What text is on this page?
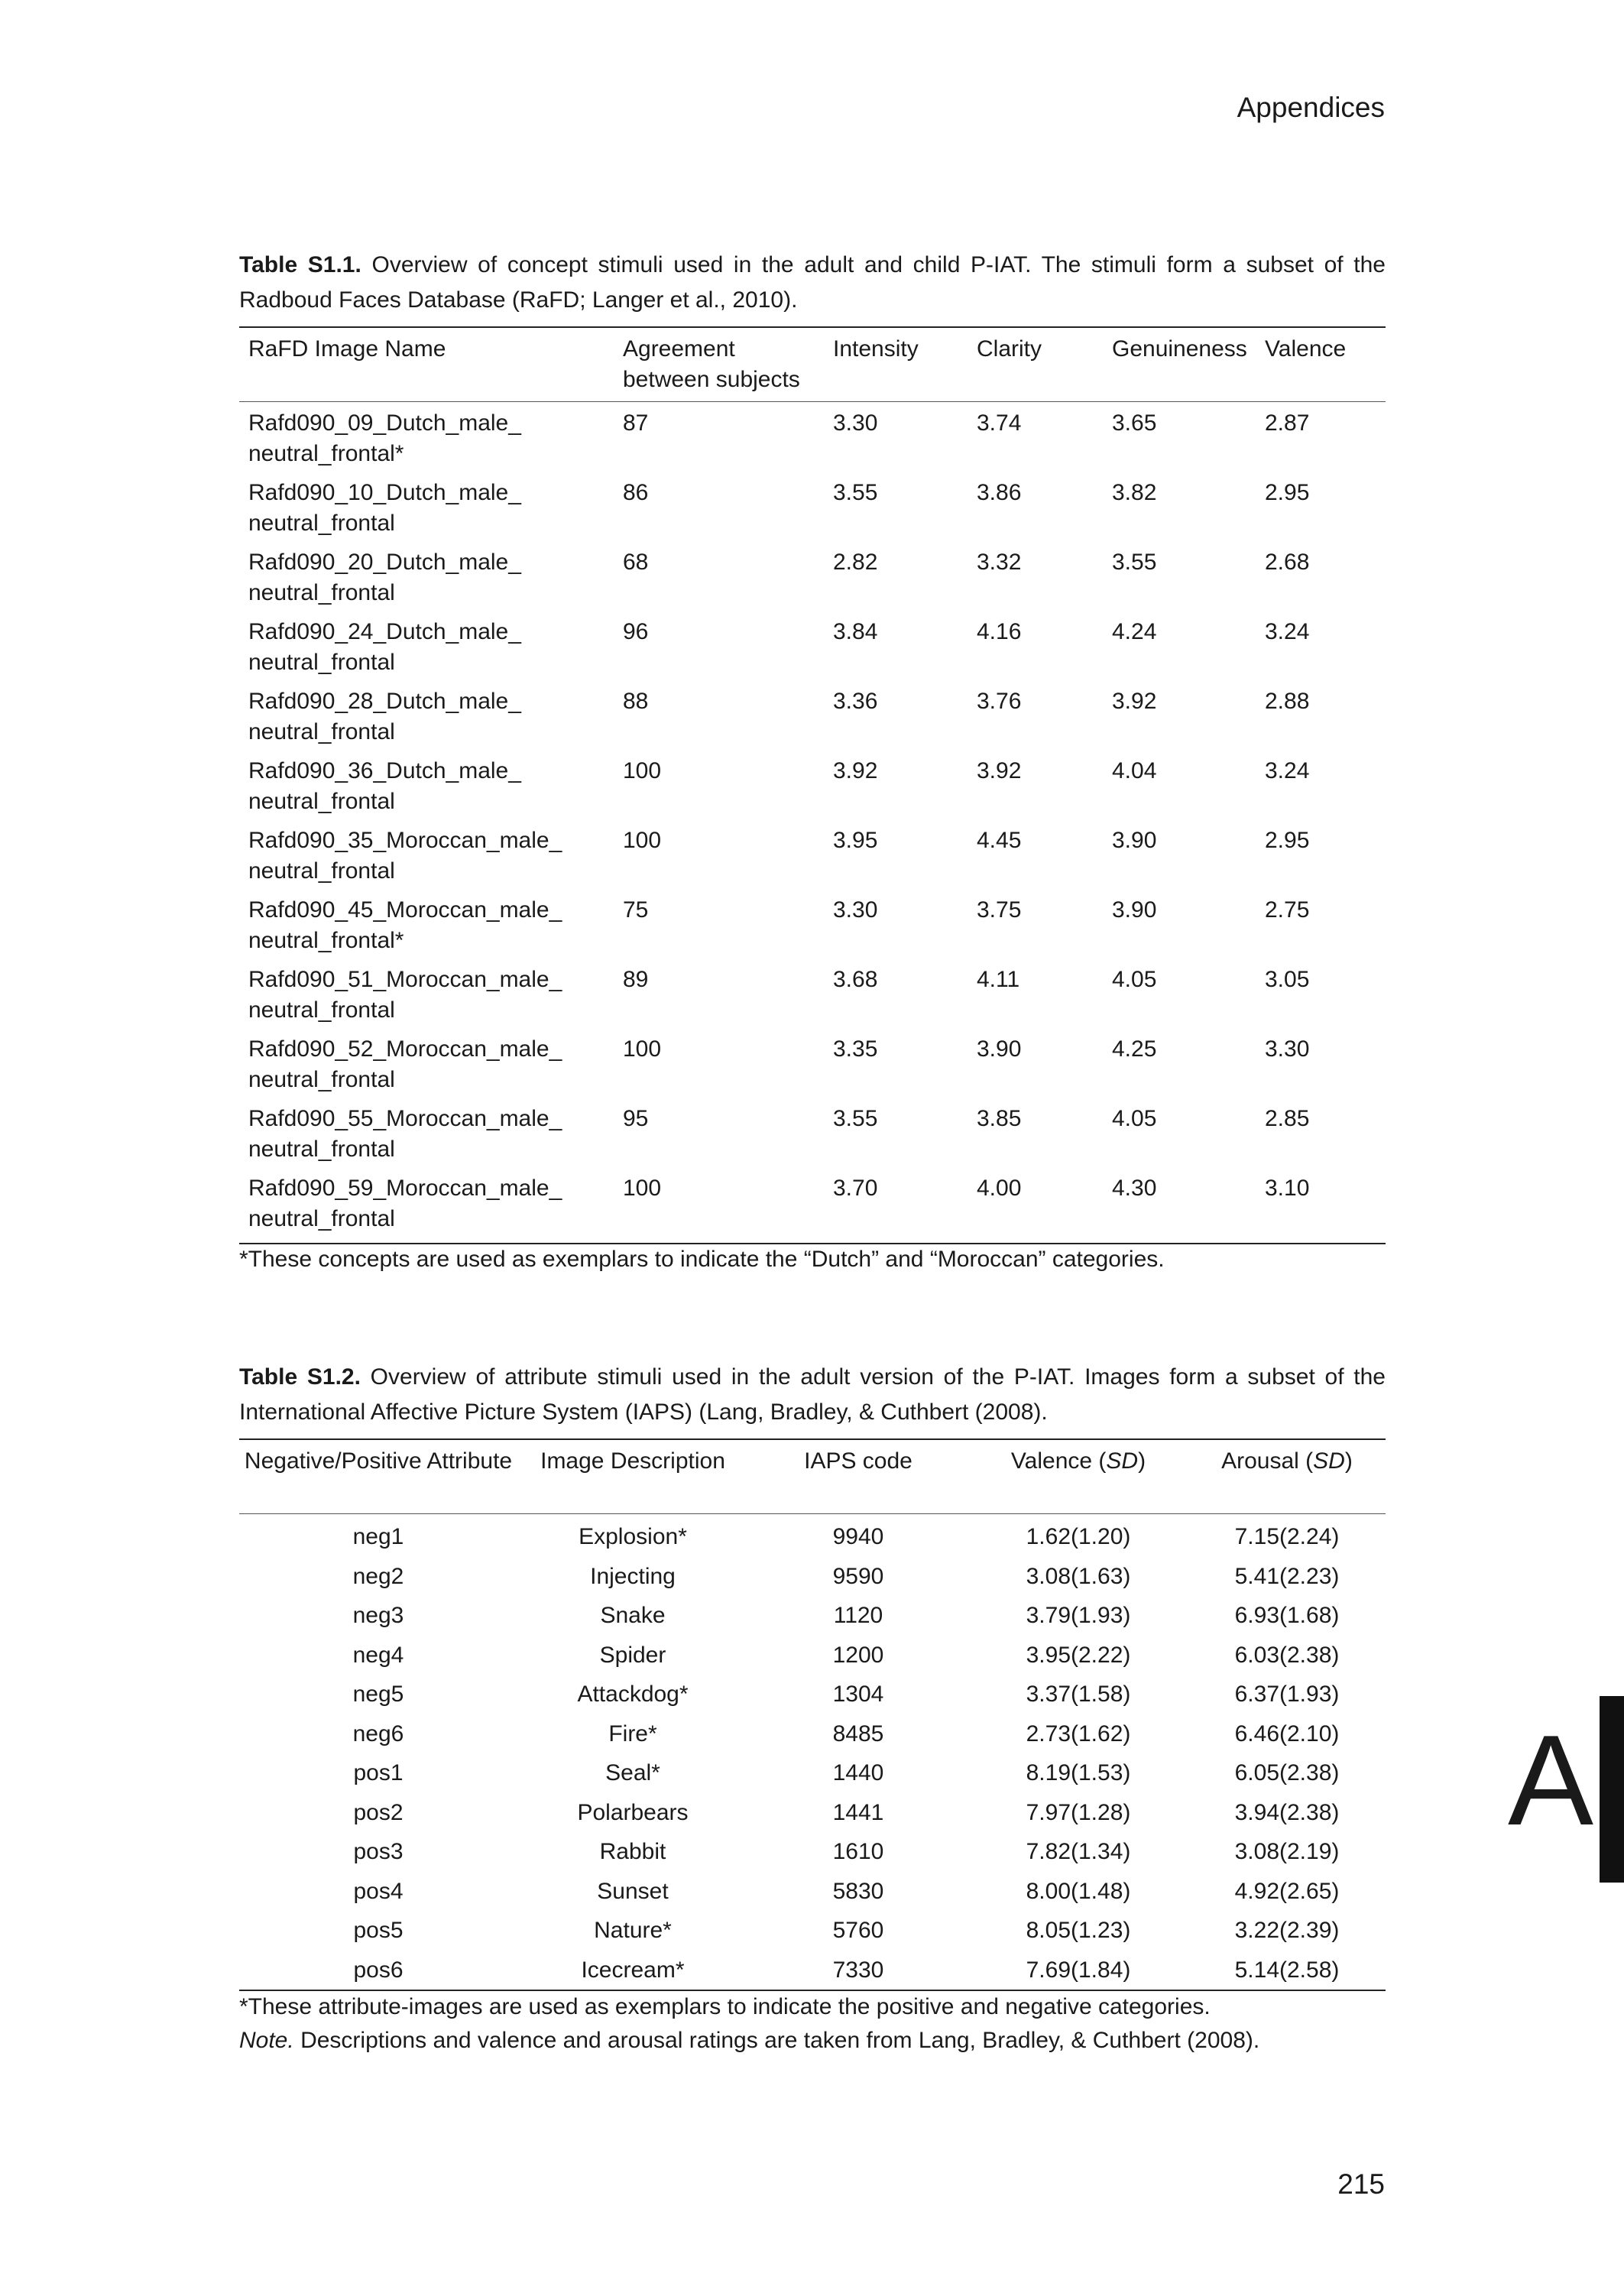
Appendices
Table S1.1. Overview of concept stimuli used in the adult and child P-IAT. The stimuli form a subset of the Radboud Faces Database (RaFD; Langer et al., 2010).
RaFD Image Name	Agreement between subjects	Intensity	Clarity	Genuineness	Valence
Rafd090_09_Dutch_male_
neutral_frontal*	87	3.30	3.74	3.65	2.87
Rafd090_10_Dutch_male_
neutral_frontal	86	3.55	3.86	3.82	2.95
Rafd090_20_Dutch_male_
neutral_frontal	68	2.82	3.32	3.55	2.68
Rafd090_24_Dutch_male_
neutral_frontal	96	3.84	4.16	4.24	3.24
Rafd090_28_Dutch_male_
neutral_frontal	88	3.36	3.76	3.92	2.88
Rafd090_36_Dutch_male_
neutral_frontal	100	3.92	3.92	4.04	3.24
Rafd090_35_Moroccan_male_
neutral_frontal	100	3.95	4.45	3.90	2.95
Rafd090_45_Moroccan_male_
neutral_frontal*	75	3.30	3.75	3.90	2.75
Rafd090_51_Moroccan_male_
neutral_frontal	89	3.68	4.11	4.05	3.05
Rafd090_52_Moroccan_male_
neutral_frontal	100	3.35	3.90	4.25	3.30
Rafd090_55_Moroccan_male_
neutral_frontal	95	3.55	3.85	4.05	2.85
Rafd090_59_Moroccan_male_
neutral_frontal	100	3.70	4.00	4.30	3.10
*These concepts are used as exemplars to indicate the “Dutch” and “Moroccan” categories.
Table S1.2. Overview of attribute stimuli used in the adult version of the P-IAT. Images form a subset of the International Affective Picture System (IAPS) (Lang, Bradley, & Cuthbert (2008).
Negative/Positive Attribute	Image Description	IAPS code	Valence (SD)	Arousal (SD)
neg1	Explosion*	9940	1.62(1.20)	7.15(2.24)
neg2	Injecting	9590	3.08(1.63)	5.41(2.23)
neg3	Snake	1120	3.79(1.93)	6.93(1.68)
neg4	Spider	1200	3.95(2.22)	6.03(2.38)
neg5	Attackdog*	1304	3.37(1.58)	6.37(1.93)
neg6	Fire*	8485	2.73(1.62)	6.46(2.10)
pos1	Seal*	1440	8.19(1.53)	6.05(2.38)
pos2	Polarbears	1441	7.97(1.28)	3.94(2.38)
pos3	Rabbit	1610	7.82(1.34)	3.08(2.19)
pos4	Sunset	5830	8.00(1.48)	4.92(2.65)
pos5	Nature*	5760	8.05(1.23)	3.22(2.39)
pos6	Icecream*	7330	7.69(1.84)	5.14(2.58)
*These attribute-images are used as exemplars to indicate the positive and negative categories.
Note. Descriptions and valence and arousal ratings are taken from Lang, Bradley, & Cuthbert (2008).
A
215
